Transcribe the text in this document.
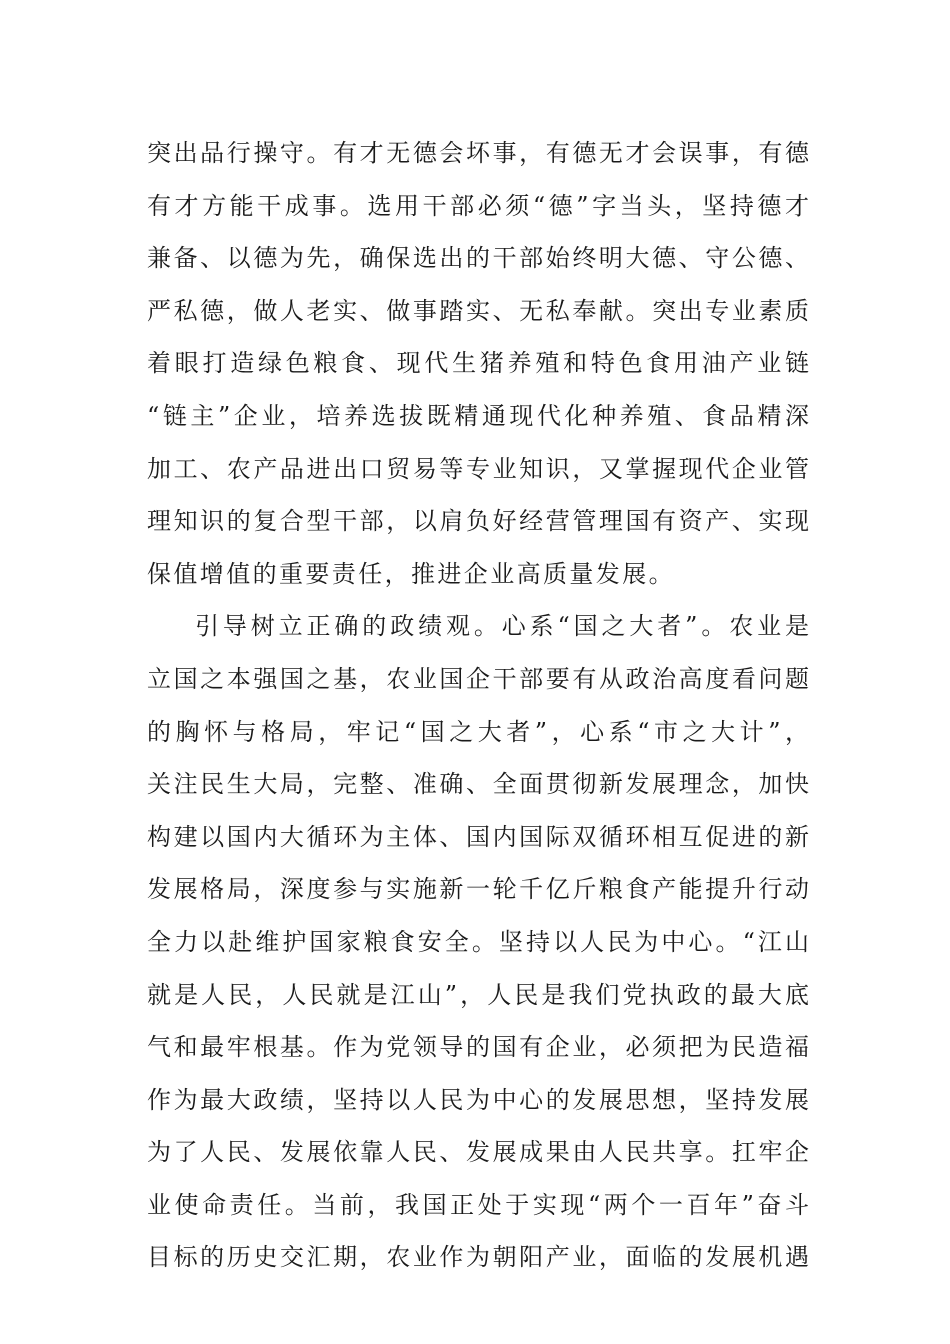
突出品行操守。有才无德会坏事，有德无才会误事，有德
有才方能干成事。选用干部必须“德”字当头，坚持德才
兼备、以德为先，确保选出的干部始终明大德、守公德、
严私德，做人老实、做事踏实、无私奉献。突出专业素质
着眼打造绿色粮食、现代生猪养殖和特色食用油产业链
“链主”企业，培养选拔既精通现代化种养殖、食品精深
加工、农产品进出口贸易等专业知识，又掌握现代企业管
理知识的复合型干部，以肩负好经营管理国有资产、实现
保值增值的重要责任，推进企业高质量发展。
引导树立正确的政绩观。心系“国之大者”。农业是
立国之本强国之基，农业国企干部要有从政治高度看问题
的胸怀与格局，牢记“国之大者”，心系“市之大计”，
关注民生大局，完整、准确、全面贯彻新发展理念，加快
构建以国内大循环为主体、国内国际双循环相互促进的新
发展格局，深度参与实施新一轮千亿斤粮食产能提升行动
全力以赴维护国家粮食安全。坚持以人民为中心。“江山
就是人民，人民就是江山”，人民是我们党执政的最大底
气和最牢根基。作为党领导的国有企业，必须把为民造福
作为最大政绩，坚持以人民为中心的发展思想，坚持发展
为了人民、发展依靠人民、发展成果由人民共享。扛牢企
业使命责任。当前，我国正处于实现“两个一百年”奋斗
目标的历史交汇期，农业作为朝阳产业，面临的发展机遇
